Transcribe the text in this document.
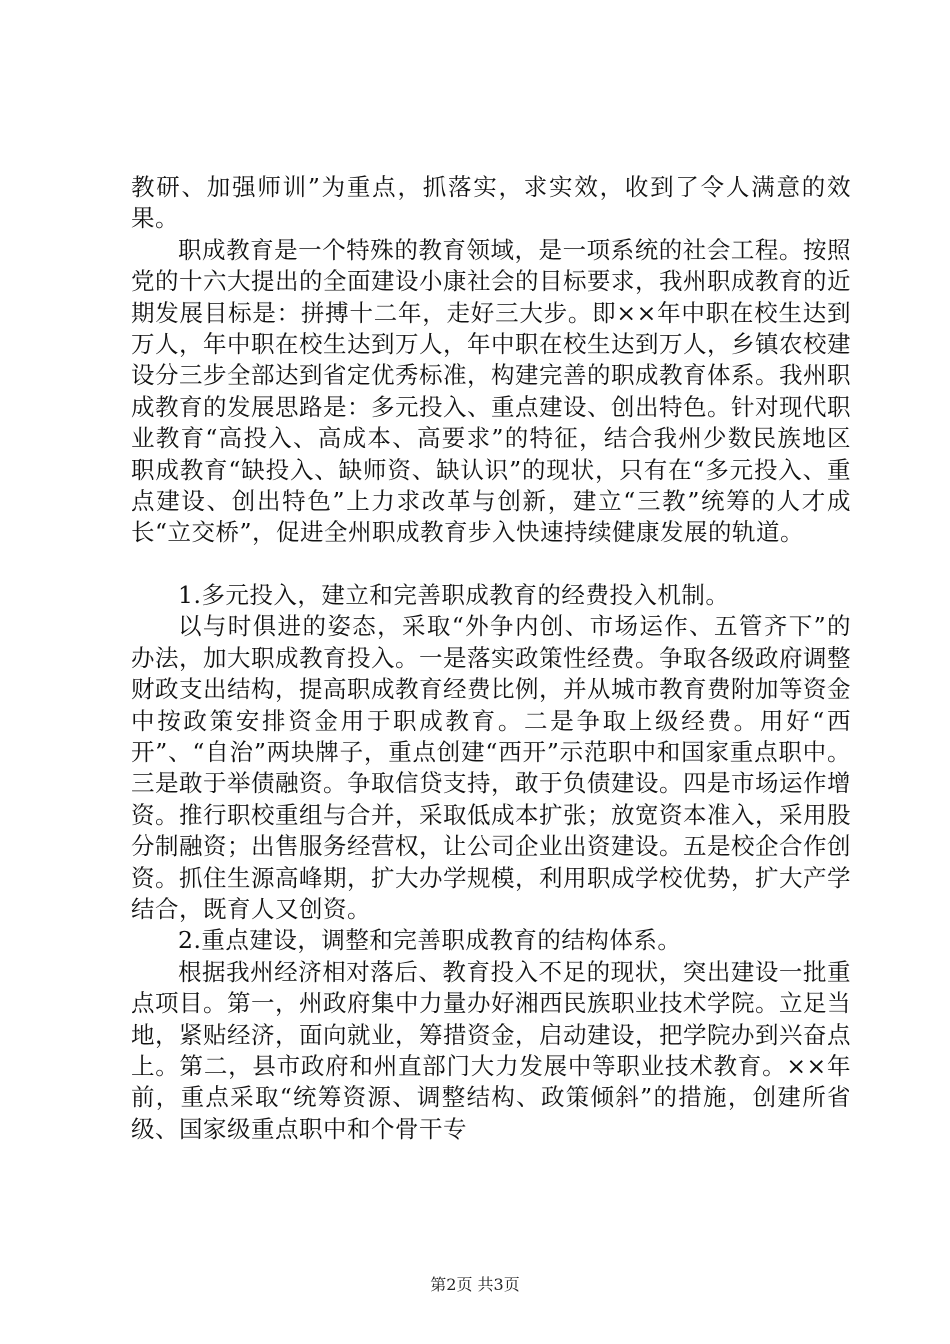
教研、加强师训”为重点，抓落实，求实效，收到了令人满意的效果。

职成教育是一个特殊的教育领域，是一项系统的社会工程。按照党的十六大提出的全面建设小康社会的目标要求，我州职成教育的近期发展目标是：拼搏十二年，走好三大步。即××年中职在校生达到万人，年中职在校生达到万人，年中职在校生达到万人，乡镇农校建设分三步全部达到省定优秀标准，构建完善的职成教育体系。我州职成教育的发展思路是：多元投入、重点建设、创出特色。针对现代职业教育“高投入、高成本、高要求”的特征，结合我州少数民族地区职成教育“缺投入、缺师资、缺认识”的现状，只有在“多元投入、重点建设、创出特色”上力求改革与创新，建立“三教”统筹的人才成长“立交桥”，促进全州职成教育步入快速持续健康发展的轨道。

1.多元投入，建立和完善职成教育的经费投入机制。

以与时俱进的姿态，采取“外争内创、市场运作、五管齐下”的办法，加大职成教育投入。一是落实政策性经费。争取各级政府调整财政支出结构，提高职成教育经费比例，并从城市教育费附加等资金中按政策安排资金用于职成教育。二是争取上级经费。用好“西开”、“自治”两块牌子，重点创建“西开”示范职中和国家重点职中。三是敢于举债融资。争取信贷支持，敢于负债建设。四是市场运作增资。推行职校重组与合并，采取低成本扩张；放宽资本准入，采用股分制融资；出售服务经营权，让公司企业出资建设。五是校企合作创资。抓住生源高峰期，扩大办学规模，利用职成学校优势，扩大产学结合，既育人又创资。

2.重点建设，调整和完善职成教育的结构体系。

根据我州经济相对落后、教育投入不足的现状，突出建设一批重点项目。第一，州政府集中力量办好湘西民族职业技术学院。立足当地，紧贴经济，面向就业，筹措资金，启动建设，把学院办到兴奋点上。第二，县市政府和州直部门大力发展中等职业技术教育。××年前，重点采取“统筹资源、调整结构、政策倾斜”的措施，创建所省级、国家级重点职中和个骨干专

第2页 共3页
